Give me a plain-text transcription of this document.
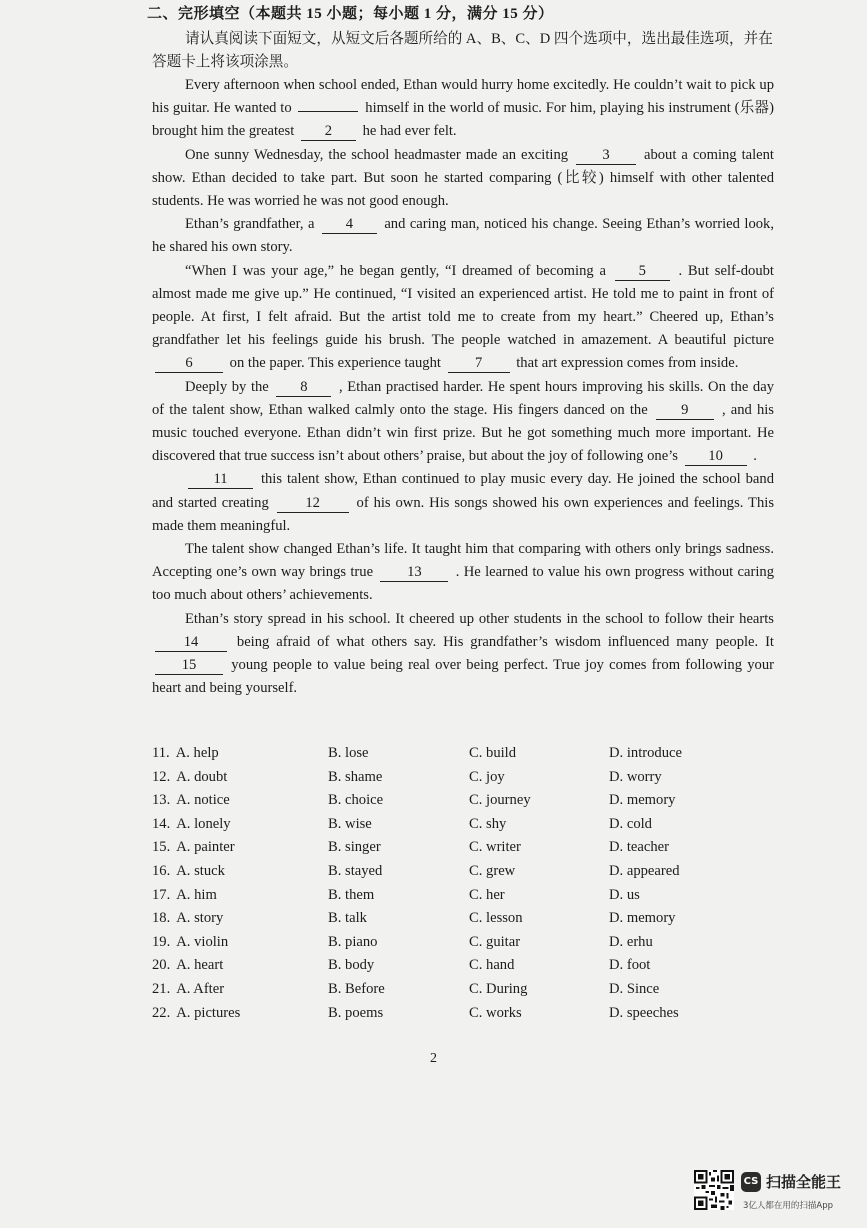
二、完形填空（本题共 15 小题；每小题 1 分，满分 15 分）
请认真阅读下面短文，从短文后各题所给的 A、B、C、D 四个选项中，选出最佳选项，并在答题卡上将该项涂黑。

Every afternoon when school ended, Ethan would hurry home excitedly. He couldn’t wait to pick up his guitar. He wanted to	himself in the world of music. For him, playing his instrument (乐器) brought him the greatest 2 he had ever felt.

One sunny Wednesday, the school headmaster made an exciting 3 about a coming talent show. Ethan decided to take part. But soon he started comparing (比较) himself with other talented students. He was worried he was not good enough.

Ethan’s grandfather, a 4 and caring man, noticed his change. Seeing Ethan’s worried look, he shared his own story.

“When I was your age,” he began gently, “I dreamed of becoming a 5 . But self-doubt almost made me give up.” He continued, “I visited an experienced artist. He told me to paint in front of people. At first, I felt afraid. But the artist told me to create from my heart.” Cheered up, Ethan’s grandfather let his feelings guide his brush. The people watched in amazement. A beautiful picture 6	on the paper. This experience taught 7 that art expression comes from inside.

Deeply by the 8 , Ethan practised harder. He spent hours improving his skills. On the day of the talent show, Ethan walked calmly onto the stage. His fingers danced on the 9 , and his music touched everyone. Ethan didn’t win first prize. But he got something much more important. He discovered that true success isn’t about others’ praise, but about the joy of following one’s 10 .

11 this talent show, Ethan continued to play music every day. He joined the school band and started creating	12	of his own. His songs showed his own experiences and feelings. This made them meaningful.

The talent show changed Ethan’s life. It taught him that comparing with others only brings sadness. Accepting one’s own way brings true 13 . He learned to value his own progress without caring too much about others’ achievements.

Ethan’s story spread in his school. It cheered up other students in the school to follow their hearts 14	being afraid of what others say. His grandfather’s wisdom influenced many people. It 15 young people to value being real over being perfect. True joy comes from following your heart and being yourself.

11. A. help	B. lose	C. build	D. introduce
12. A. doubt	B. shame	C. joy	D. worry
13. A. notice	B. choice	C. journey	D. memory
14. A. lonely	B. wise	C. shy	D. cold
15. A. painter	B. singer	C. writer	D. teacher
16. A. stuck	B. stayed	C. grew	D. appeared
17. A. him	B. them	C. her	D. us
18. A. story	B. talk	C. lesson	D. memory
19. A. violin	B. piano	C. guitar	D. erhu
20. A. heart	B. body	C. hand	D. foot
21. A. After	B. Before	C. During	D. Since
22. A. pictures	B. poems	C. works	D. speeches
2
CS 扫描全能王
3亿人都在用的扫描App
